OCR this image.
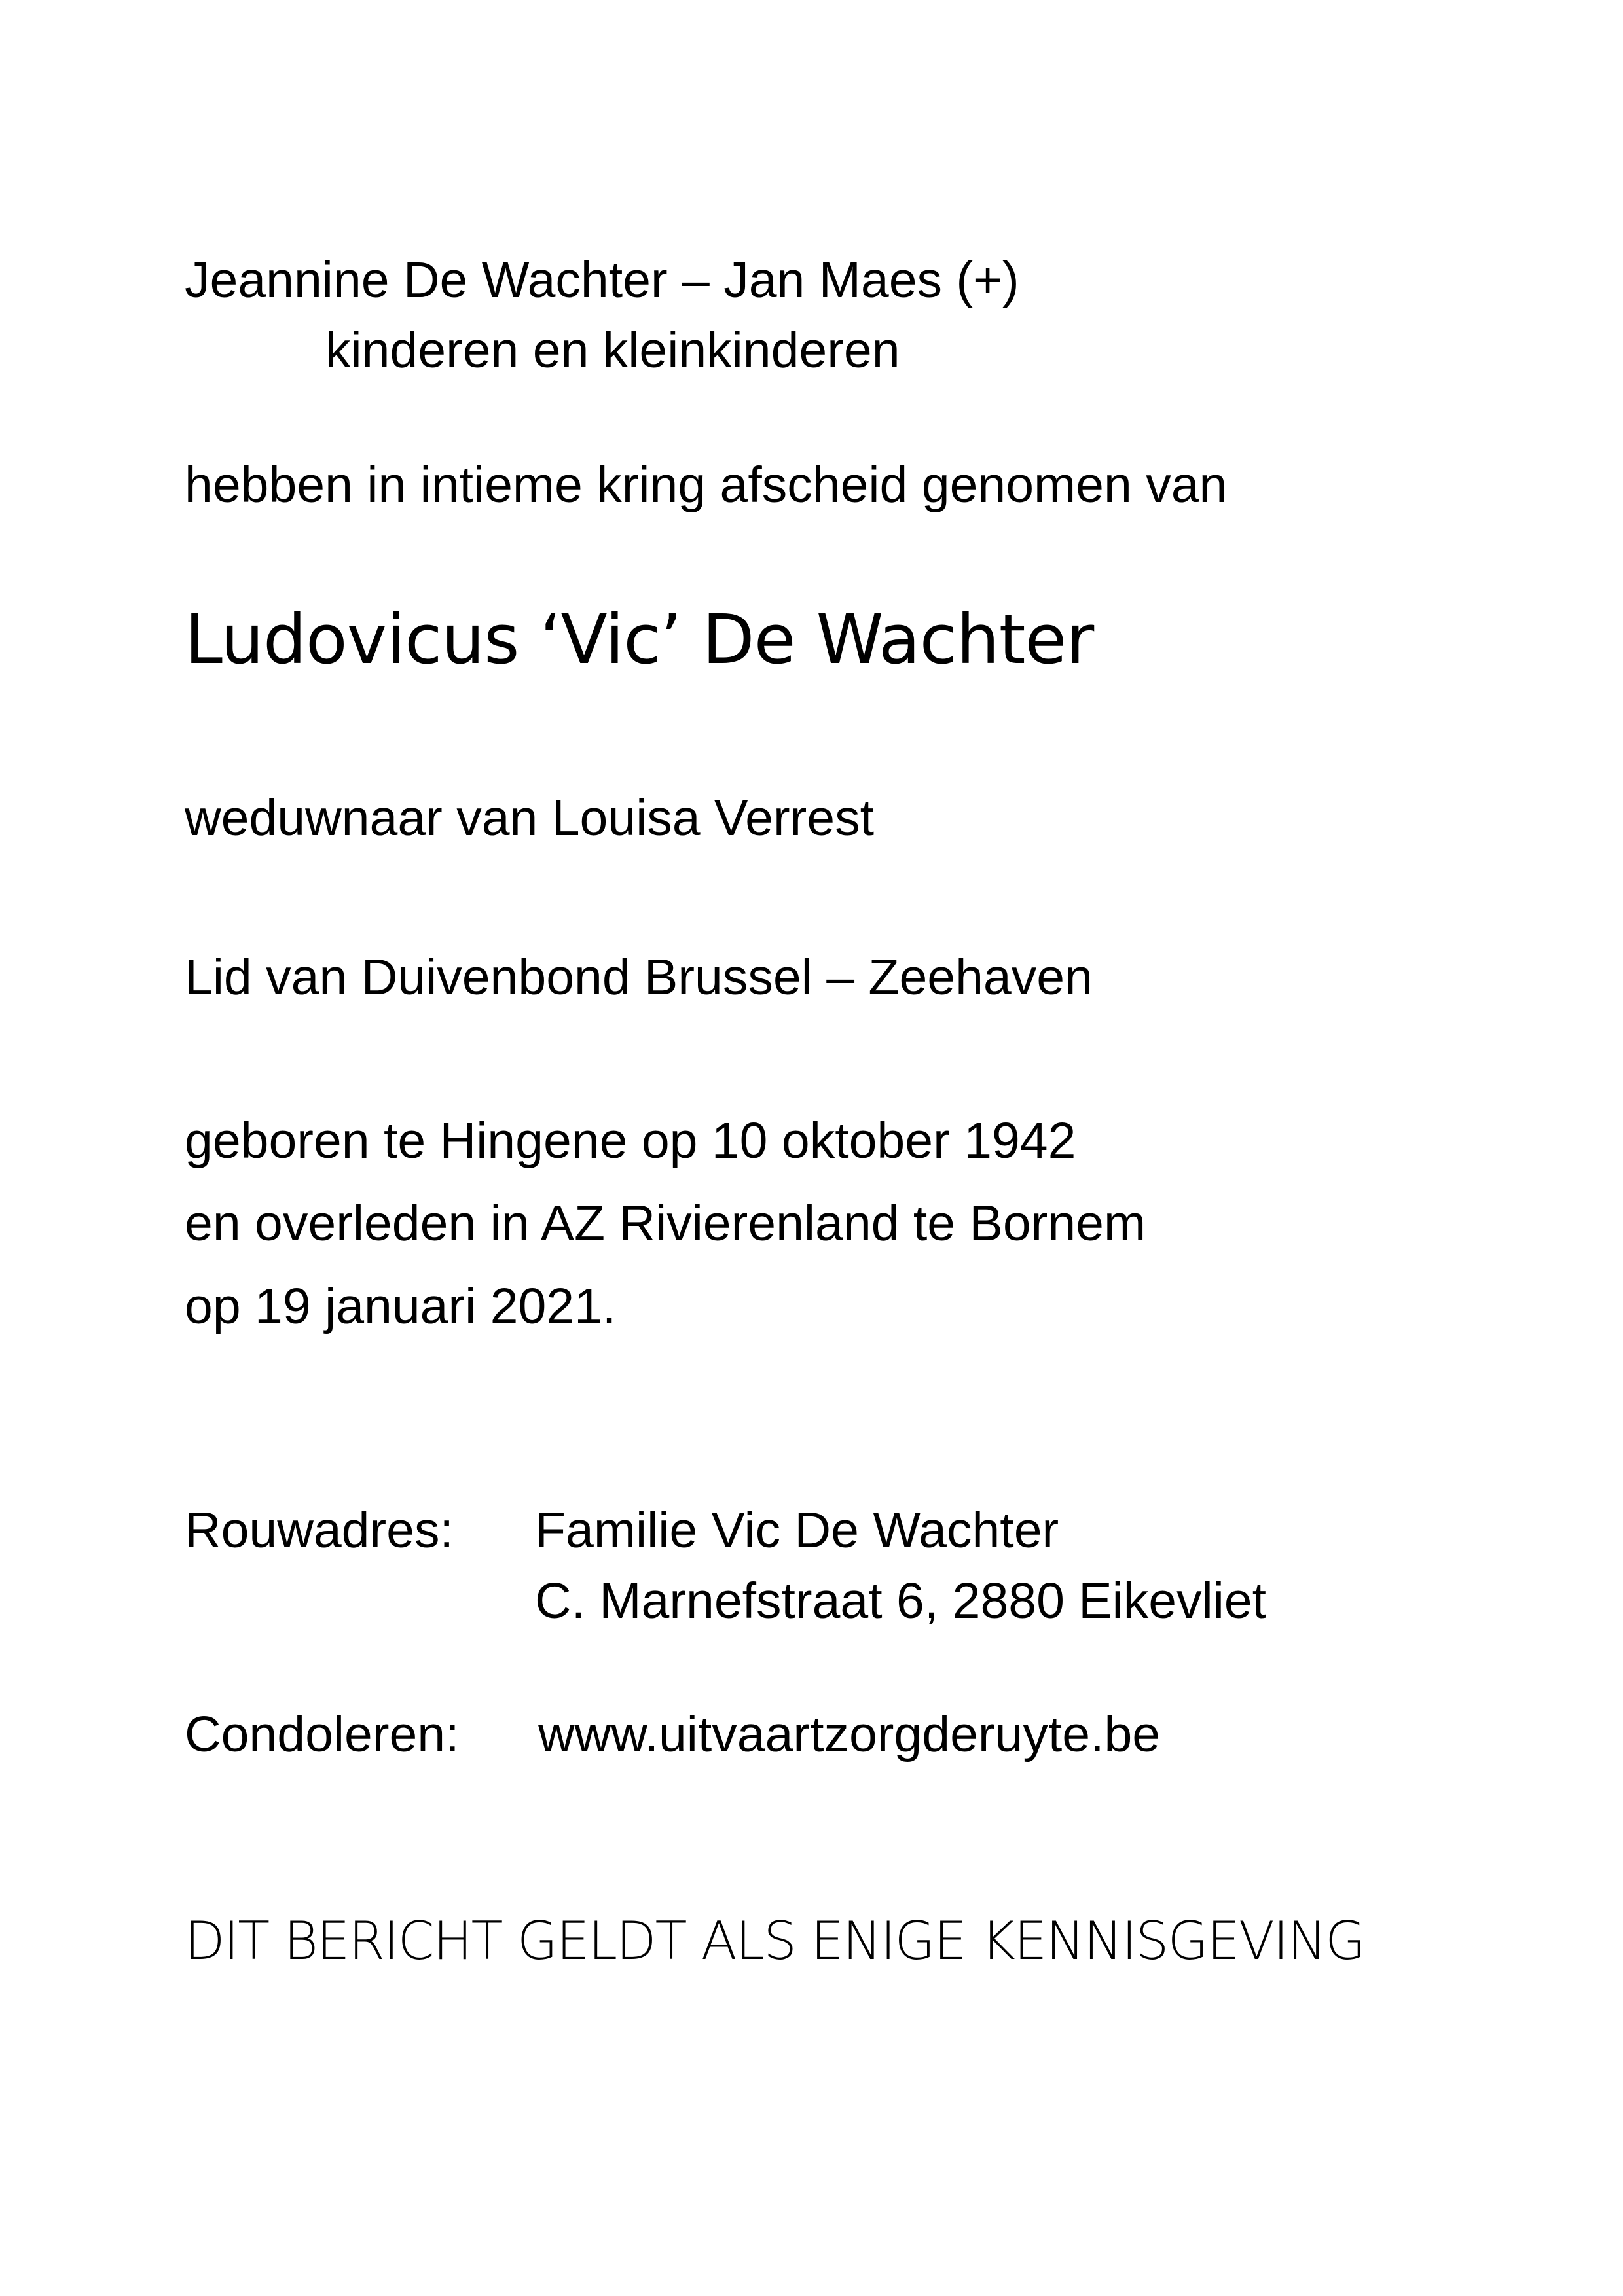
Jeannine De Wachter – Jan Maes (+)

kinderen en kleinkinderen

hebben in intieme kring afscheid genomen van

Ludovicus ‘Vic’ De Wachter

weduwnaar van Louisa Verrest

Lid van Duivenbond Brussel – Zeehaven

geboren te Hingene op 10 oktober 1942

en overleden in AZ Rivierenland te Bornem

op 19 januari 2021.

Rouwadres: Familie Vic De Wachter

C. Marnefstraat 6, 2880 Eikevliet

Condoleren: www.uitvaartzorgderuyte.be

DIT BERICHT GELDT ALS ENIGE KENNISGEVING
